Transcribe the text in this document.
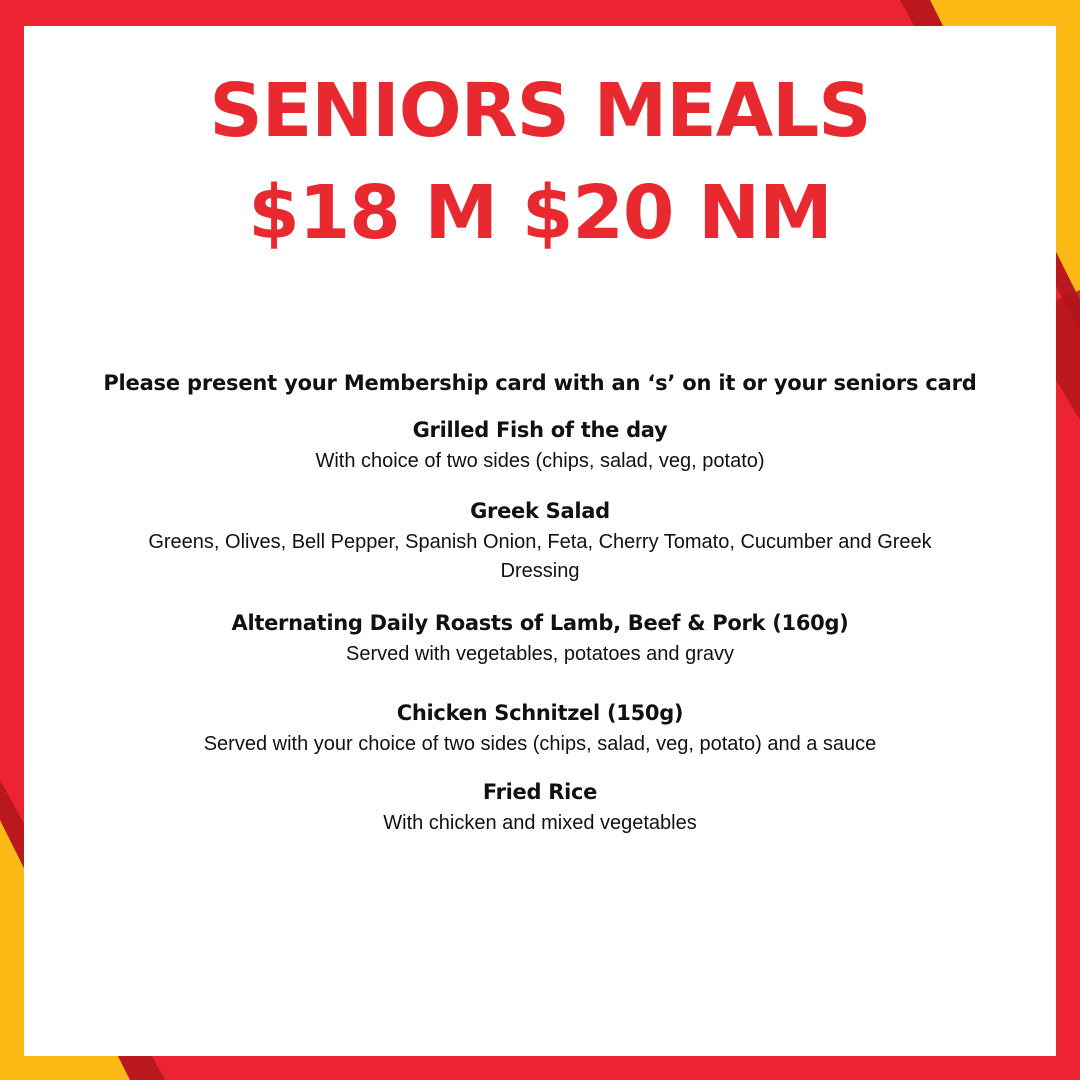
SENIORS MEALS
$18 M $20 NM

Please present your Membership card with an ‘s’ on it or your seniors card

Grilled Fish of the day

With choice of two sides (chips, salad, veg, potato)

Greek Salad

Greens, Olives, Bell Pepper, Spanish Onion, Feta, Cherry Tomato, Cucumber and Greek Dressing

Alternating Daily Roasts of Lamb, Beef & Pork (160g)

Served with vegetables, potatoes and gravy

Chicken Schnitzel (150g)

Served with your choice of two sides (chips, salad, veg, potato) and a sauce

Fried Rice

With chicken and mixed vegetables
